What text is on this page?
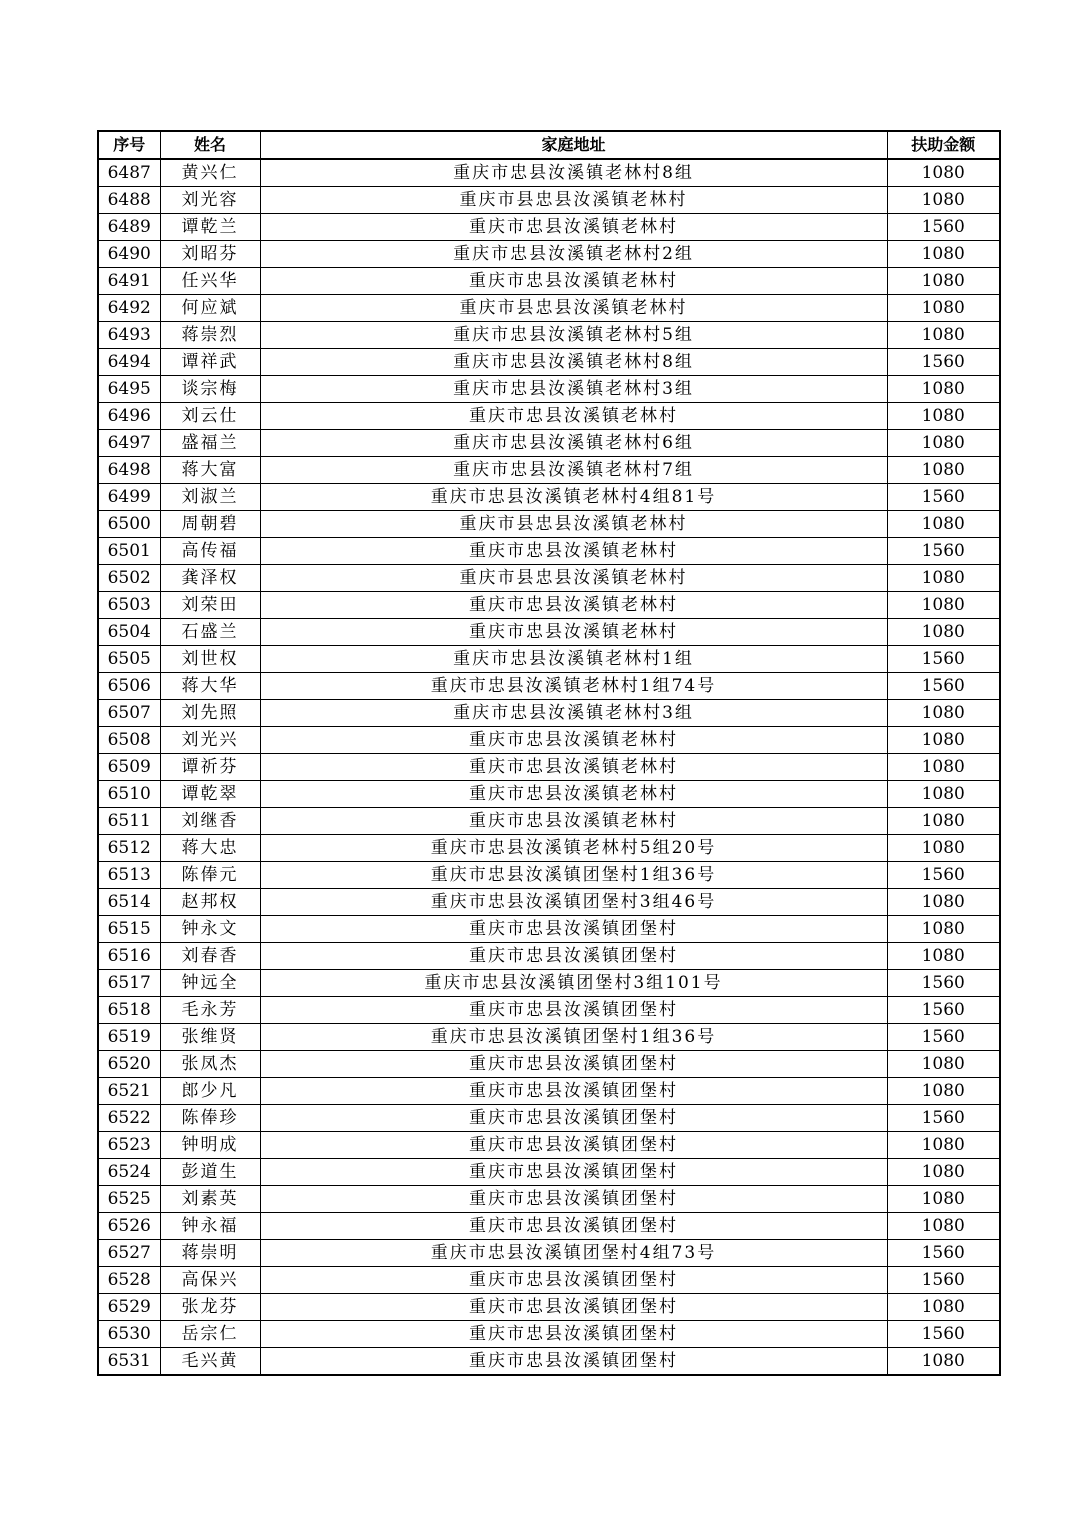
序号	姓名	家庭地址	扶助金额
6487	黄兴仁	重庆市忠县汝溪镇老林村8组	1080
6488	刘光容	重庆市县忠县汝溪镇老林村	1080
6489	谭乾兰	重庆市忠县汝溪镇老林村	1560
6490	刘昭芬	重庆市忠县汝溪镇老林村2组	1080
6491	任兴华	重庆市忠县汝溪镇老林村	1080
6492	何应斌	重庆市县忠县汝溪镇老林村	1080
6493	蒋崇烈	重庆市忠县汝溪镇老林村5组	1080
6494	谭祥武	重庆市忠县汝溪镇老林村8组	1560
6495	谈宗梅	重庆市忠县汝溪镇老林村3组	1080
6496	刘云仕	重庆市忠县汝溪镇老林村	1080
6497	盛福兰	重庆市忠县汝溪镇老林村6组	1080
6498	蒋大富	重庆市忠县汝溪镇老林村7组	1080
6499	刘淑兰	重庆市忠县汝溪镇老林村4组81号	1560
6500	周朝碧	重庆市县忠县汝溪镇老林村	1080
6501	高传福	重庆市忠县汝溪镇老林村	1560
6502	龚泽权	重庆市县忠县汝溪镇老林村	1080
6503	刘荣田	重庆市忠县汝溪镇老林村	1080
6504	石盛兰	重庆市忠县汝溪镇老林村	1080
6505	刘世权	重庆市忠县汝溪镇老林村1组	1560
6506	蒋大华	重庆市忠县汝溪镇老林村1组74号	1560
6507	刘先照	重庆市忠县汝溪镇老林村3组	1080
6508	刘光兴	重庆市忠县汝溪镇老林村	1080
6509	谭祈芬	重庆市忠县汝溪镇老林村	1080
6510	谭乾翠	重庆市忠县汝溪镇老林村	1080
6511	刘继香	重庆市忠县汝溪镇老林村	1080
6512	蒋大忠	重庆市忠县汝溪镇老林村5组20号	1080
6513	陈俸元	重庆市忠县汝溪镇团堡村1组36号	1560
6514	赵邦权	重庆市忠县汝溪镇团堡村3组46号	1080
6515	钟永文	重庆市忠县汝溪镇团堡村	1080
6516	刘春香	重庆市忠县汝溪镇团堡村	1080
6517	钟远全	重庆市忠县汝溪镇团堡村3组101号	1560
6518	毛永芳	重庆市忠县汝溪镇团堡村	1560
6519	张维贤	重庆市忠县汝溪镇团堡村1组36号	1560
6520	张凤杰	重庆市忠县汝溪镇团堡村	1080
6521	郎少凡	重庆市忠县汝溪镇团堡村	1080
6522	陈俸珍	重庆市忠县汝溪镇团堡村	1560
6523	钟明成	重庆市忠县汝溪镇团堡村	1080
6524	彭道生	重庆市忠县汝溪镇团堡村	1080
6525	刘素英	重庆市忠县汝溪镇团堡村	1080
6526	钟永福	重庆市忠县汝溪镇团堡村	1080
6527	蒋崇明	重庆市忠县汝溪镇团堡村4组73号	1560
6528	高保兴	重庆市忠县汝溪镇团堡村	1560
6529	张龙芬	重庆市忠县汝溪镇团堡村	1080
6530	岳宗仁	重庆市忠县汝溪镇团堡村	1560
6531	毛兴黄	重庆市忠县汝溪镇团堡村	1080
